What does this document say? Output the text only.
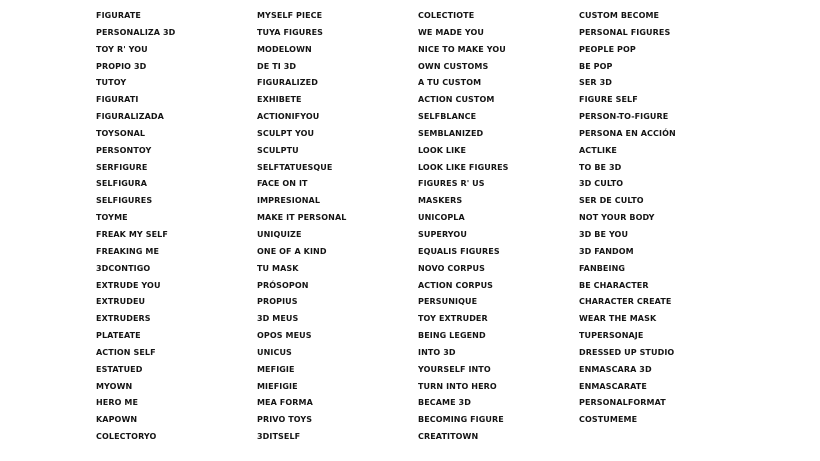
FIGURATE
PERSONALIZA 3D
TOY R' YOU
PROPIO 3D
TUTOY
FIGURATI
FIGURALIZADA
TOYSONAL
PERSONTOY
SERFIGURE
SELFIGURA
SELFIGURES
TOYME
FREAK MY SELF
FREAKING ME
3DCONTIGO
EXTRUDE YOU
EXTRUDEU
EXTRUDERS
PLATEATE
ACTION SELF
ESTATUED
MYOWN
HERO ME
KAPOWN
COLECTORYO
MYSELF PIECE
TUYA FIGURES
MODELOWN
DE TI 3D
FIGURALIZED
EXHIBETE
ACTIONIFYOU
SCULPT YOU
SCULPTU
SELFTATUESQUE
FACE ON IT
IMPRESIONAL
MAKE IT PERSONAL
UNIQUIZE
ONE OF A KIND
TU MASK
PRÓSOPON
PROPIUS
3D MEUS
OPOS MEUS
UNICUS
MEFIGIE
MIEFIGIE
MEA FORMA
PRIVO TOYS
3DITSELF
COLECTIOTE
WE MADE YOU
NICE TO MAKE YOU
OWN CUSTOMS
A TU CUSTOM
ACTION CUSTOM
SELFBLANCE
SEMBLANIZED
LOOK LIKE
LOOK LIKE FIGURES
FIGURES R' US
MASKERS
UNICOPLA
SUPERYOU
EQUALIS FIGURES
NOVO CORPUS
ACTION CORPUS
PERSUNIQUE
TOY EXTRUDER
BEING LEGEND
INTO 3D
YOURSELF INTO
TURN INTO HERO
BECAME 3D
BECOMING FIGURE
CREATITOWN
CUSTOM BECOME
PERSONAL FIGURES
PEOPLE POP
BE POP
SER 3D
FIGURE SELF
PERSON-TO-FIGURE
PERSONA EN ACCIÓN
ACTLIKE
TO BE 3D
3D CULTO
SER DE CULTO
NOT YOUR BODY
3D BE YOU
3D FANDOM
FANBEING
BE CHARACTER
CHARACTER CREATE
WEAR THE MASK
TUPERSONAJE
DRESSED UP STUDIO
ENMASCARA 3D
ENMASCARATE
PERSONALFORMAT
COSTUMEME
